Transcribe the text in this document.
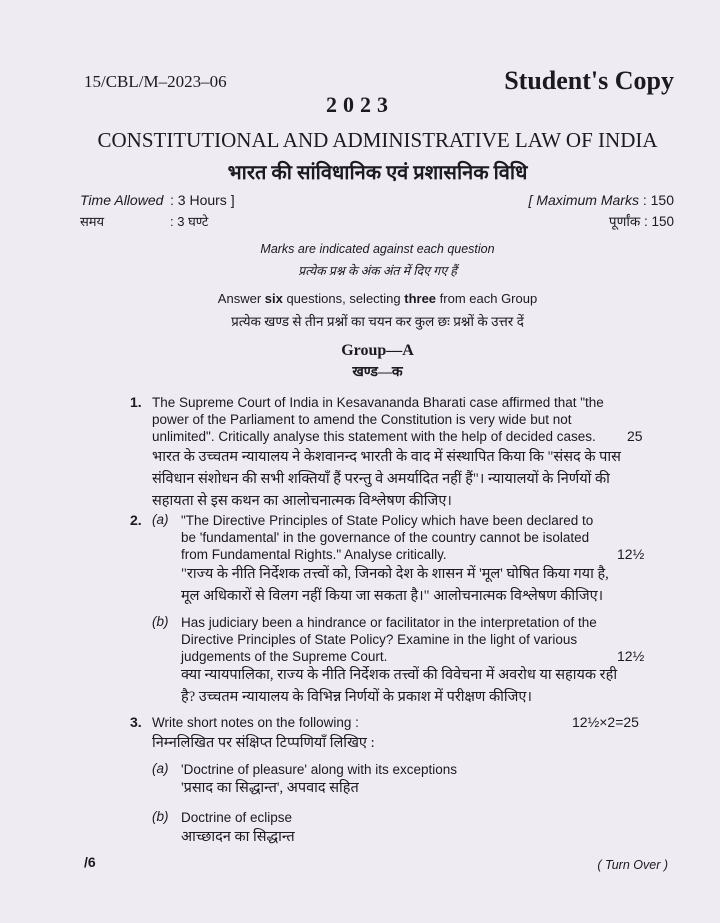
15/CBL/M–2023–06	Student's Copy
2023
CONSTITUTIONAL AND ADMINISTRATIVE LAW OF INDIA
भारत की सांविधानिक एवं प्रशासनिक विधि
Time Allowed : 3 Hours ]
समय	: 3 घण्टे
[ Maximum Marks : 150
पूर्णांक : 150
Marks are indicated against each question
प्रत्येक प्रश्न के अंक अंत में दिए गए हैं
Answer six questions, selecting three from each Group
प्रत्येक खण्ड से तीन प्रश्नों का चयन कर कुल छः प्रश्नों के उत्तर दें
Group—A
खण्ड—क
1. The Supreme Court of India in Kesavananda Bharati case affirmed that "the power of the Parliament to amend the Constitution is very wide but not unlimited". Critically analyse this statement with the help of decided cases.	25
भारत के उच्चतम न्यायालय ने केशवानन्द भारती के वाद में संस्थापित किया कि "संसद के पास संविधान संशोधन की सभी शक्तियाँ हैं परन्तु वे अमर्यादित नहीं हैं"। न्यायालयों के निर्णयों की सहायता से इस कथन का आलोचनात्मक विश्लेषण कीजिए।
2. (a) "The Directive Principles of State Policy which have been declared to be 'fundamental' in the governance of the country cannot be isolated from Fundamental Rights." Analyse critically.	12½
"राज्य के नीति निर्देशक तत्त्वों को, जिनको देश के शासन में 'मूल' घोषित किया गया है, मूल अधिकारों से विलग नहीं किया जा सकता है।" आलोचनात्मक विश्लेषण कीजिए।
(b) Has judiciary been a hindrance or facilitator in the interpretation of the Directive Principles of State Policy? Examine in the light of various judgements of the Supreme Court.	12½
क्या न्यायपालिका, राज्य के नीति निर्देशक तत्त्वों की विवेचना में अवरोध या सहायक रही है? उच्चतम न्यायालय के विभिन्न निर्णयों के प्रकाश में परीक्षण कीजिए।
3. Write short notes on the following :	12½×2=25
निम्नलिखित पर संक्षिप्त टिप्पणियाँ लिखिए :
(a) 'Doctrine of pleasure' along with its exceptions
'प्रसाद का सिद्धान्त', अपवाद सहित
(b) Doctrine of eclipse
आच्छादन का सिद्धान्त
/6	( Turn Over )
